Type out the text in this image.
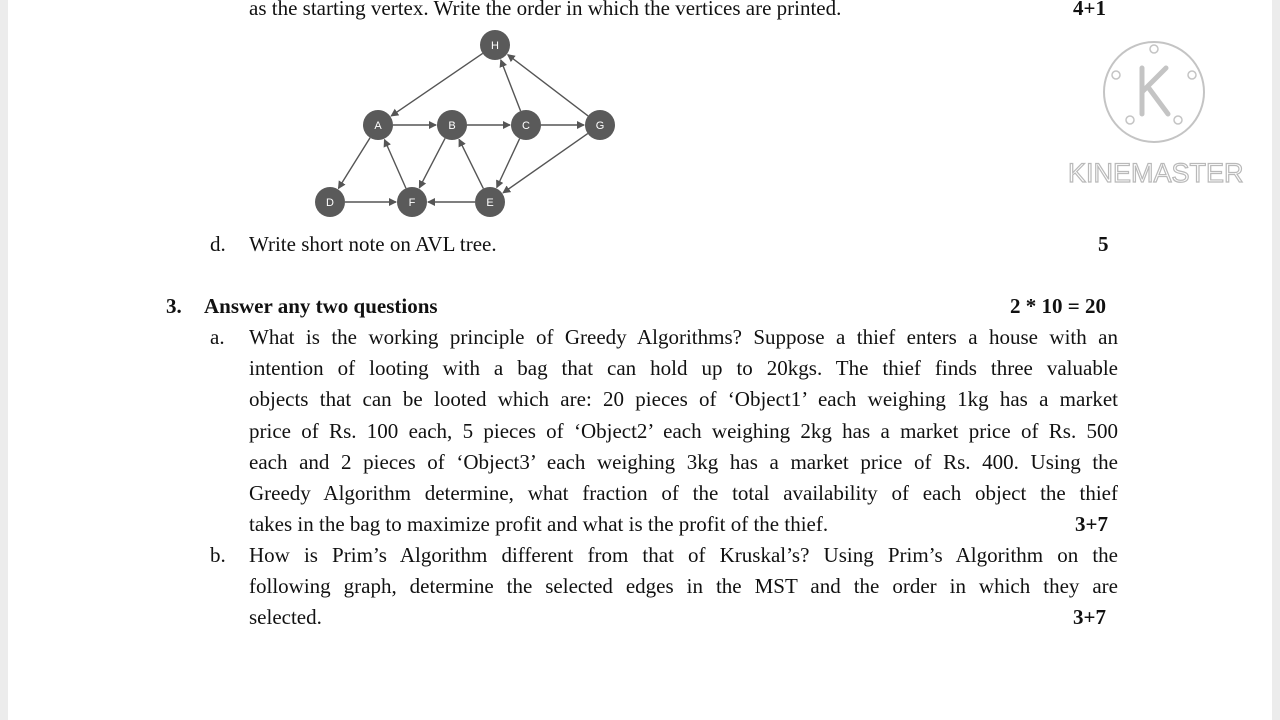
as the starting vertex. Write the order in which the vertices are printed.	4+1
H
A	B	C	G
D	F	E
KINEMASTER
d. Write short note on AVL tree.	5
3. Answer any two questions	2 * 10 = 20
a. What is the working principle of Greedy Algorithms? Suppose a thief enters a house with an
intention of looting with a bag that can hold up to 20kgs. The thief finds three valuable
objects that can be looted which are: 20 pieces of ‘Object1’ each weighing 1kg has a market
price of Rs. 100 each, 5 pieces of ‘Object2’ each weighing 2kg has a market price of Rs. 500
each and 2 pieces of ‘Object3’ each weighing 3kg has a market price of Rs. 400. Using the
Greedy Algorithm determine, what fraction of the total availability of each object the thief
takes in the bag to maximize profit and what is the profit of the thief.	3+7
b. How is Prim’s Algorithm different from that of Kruskal’s? Using Prim’s Algorithm on the
following graph, determine the selected edges in the MST and the order in which they are
selected.	3+7
